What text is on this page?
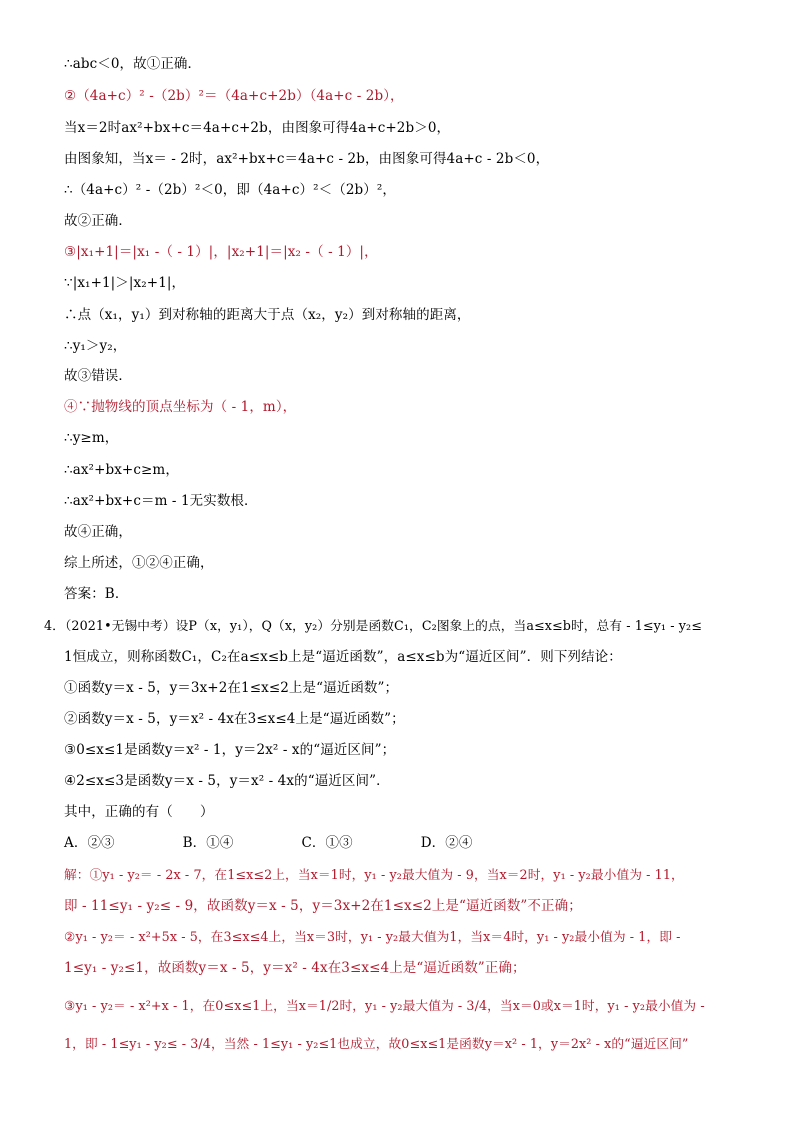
∴abc＜0，故①正确．
②（4a+c）² -（2b）²＝（4a+c+2b）（4a+c - 2b），
当x＝2时ax²+bx+c＝4a+c+2b，由图象可得4a+c+2b＞0，
由图象知，当x＝ - 2时，ax²+bx+c＝4a+c - 2b，由图象可得4a+c - 2b＜0，
∴（4a+c）² -（2b）²＜0，即（4a+c）²＜（2b）²，
故②正确．
③|x₁+1|＝|x₁ -（ - 1）|，|x₂+1|＝|x₂ -（ - 1）|，
∵|x₁+1|＞|x₂+1|，
∴点（x₁，y₁）到对称轴的距离大于点（x₂，y₂）到对称轴的距离，
∴y₁＞y₂，
故③错误．
④∵抛物线的顶点坐标为（ - 1，m），
∴y≥m，
∴ax²+bx+c≥m，
∴ax²+bx+c＝m - 1无实数根．
故④正确，
综上所述，①②④正确，
答案：B．
4．（2021•无锡中考）设P（x，y₁），Q（x，y₂）分别是函数C₁，C₂图象上的点，当a≤x≤b时，总有 - 1≤y₁ - y₂≤
1恒成立，则称函数C₁，C₂在a≤x≤b上是“逼近函数”，a≤x≤b为“逼近区间”．则下列结论：
①函数y＝x - 5，y＝3x+2在1≤x≤2上是“逼近函数”；
②函数y＝x - 5，y＝x² - 4x在3≤x≤4上是“逼近函数”；
③0≤x≤1是函数y＝x² - 1，y＝2x² - x的“逼近区间”；
④2≤x≤3是函数y＝x - 5，y＝x² - 4x的“逼近区间”．
其中，正确的有（　　）
A．②③　　　　　B．①④　　　　　C．①③　　　　　D．②④
解：①y₁ - y₂＝ - 2x - 7，在1≤x≤2上，当x＝1时，y₁ - y₂最大值为 - 9，当x＝2时，y₁ - y₂最小值为 - 11，
即 - 11≤y₁ - y₂≤ - 9，故函数y＝x - 5，y＝3x+2在1≤x≤2上是“逼近函数”不正确；
②y₁ - y₂＝ - x²+5x - 5，在3≤x≤4上，当x＝3时，y₁ - y₂最大值为1，当x＝4时，y₁ - y₂最小值为 - 1，即 -
1≤y₁ - y₂≤1，故函数y＝x - 5，y＝x² - 4x在3≤x≤4上是“逼近函数”正确；
③y₁ - y₂＝ - x²+x - 1，在0≤x≤1上，当x＝1/2时，y₁ - y₂最大值为 - 3/4，当x＝0或x＝1时，y₁ - y₂最小值为 -
1，即 - 1≤y₁ - y₂≤ - 3/4，当然 - 1≤y₁ - y₂≤1也成立，故0≤x≤1是函数y＝x² - 1，y＝2x² - x的“逼近区间”
